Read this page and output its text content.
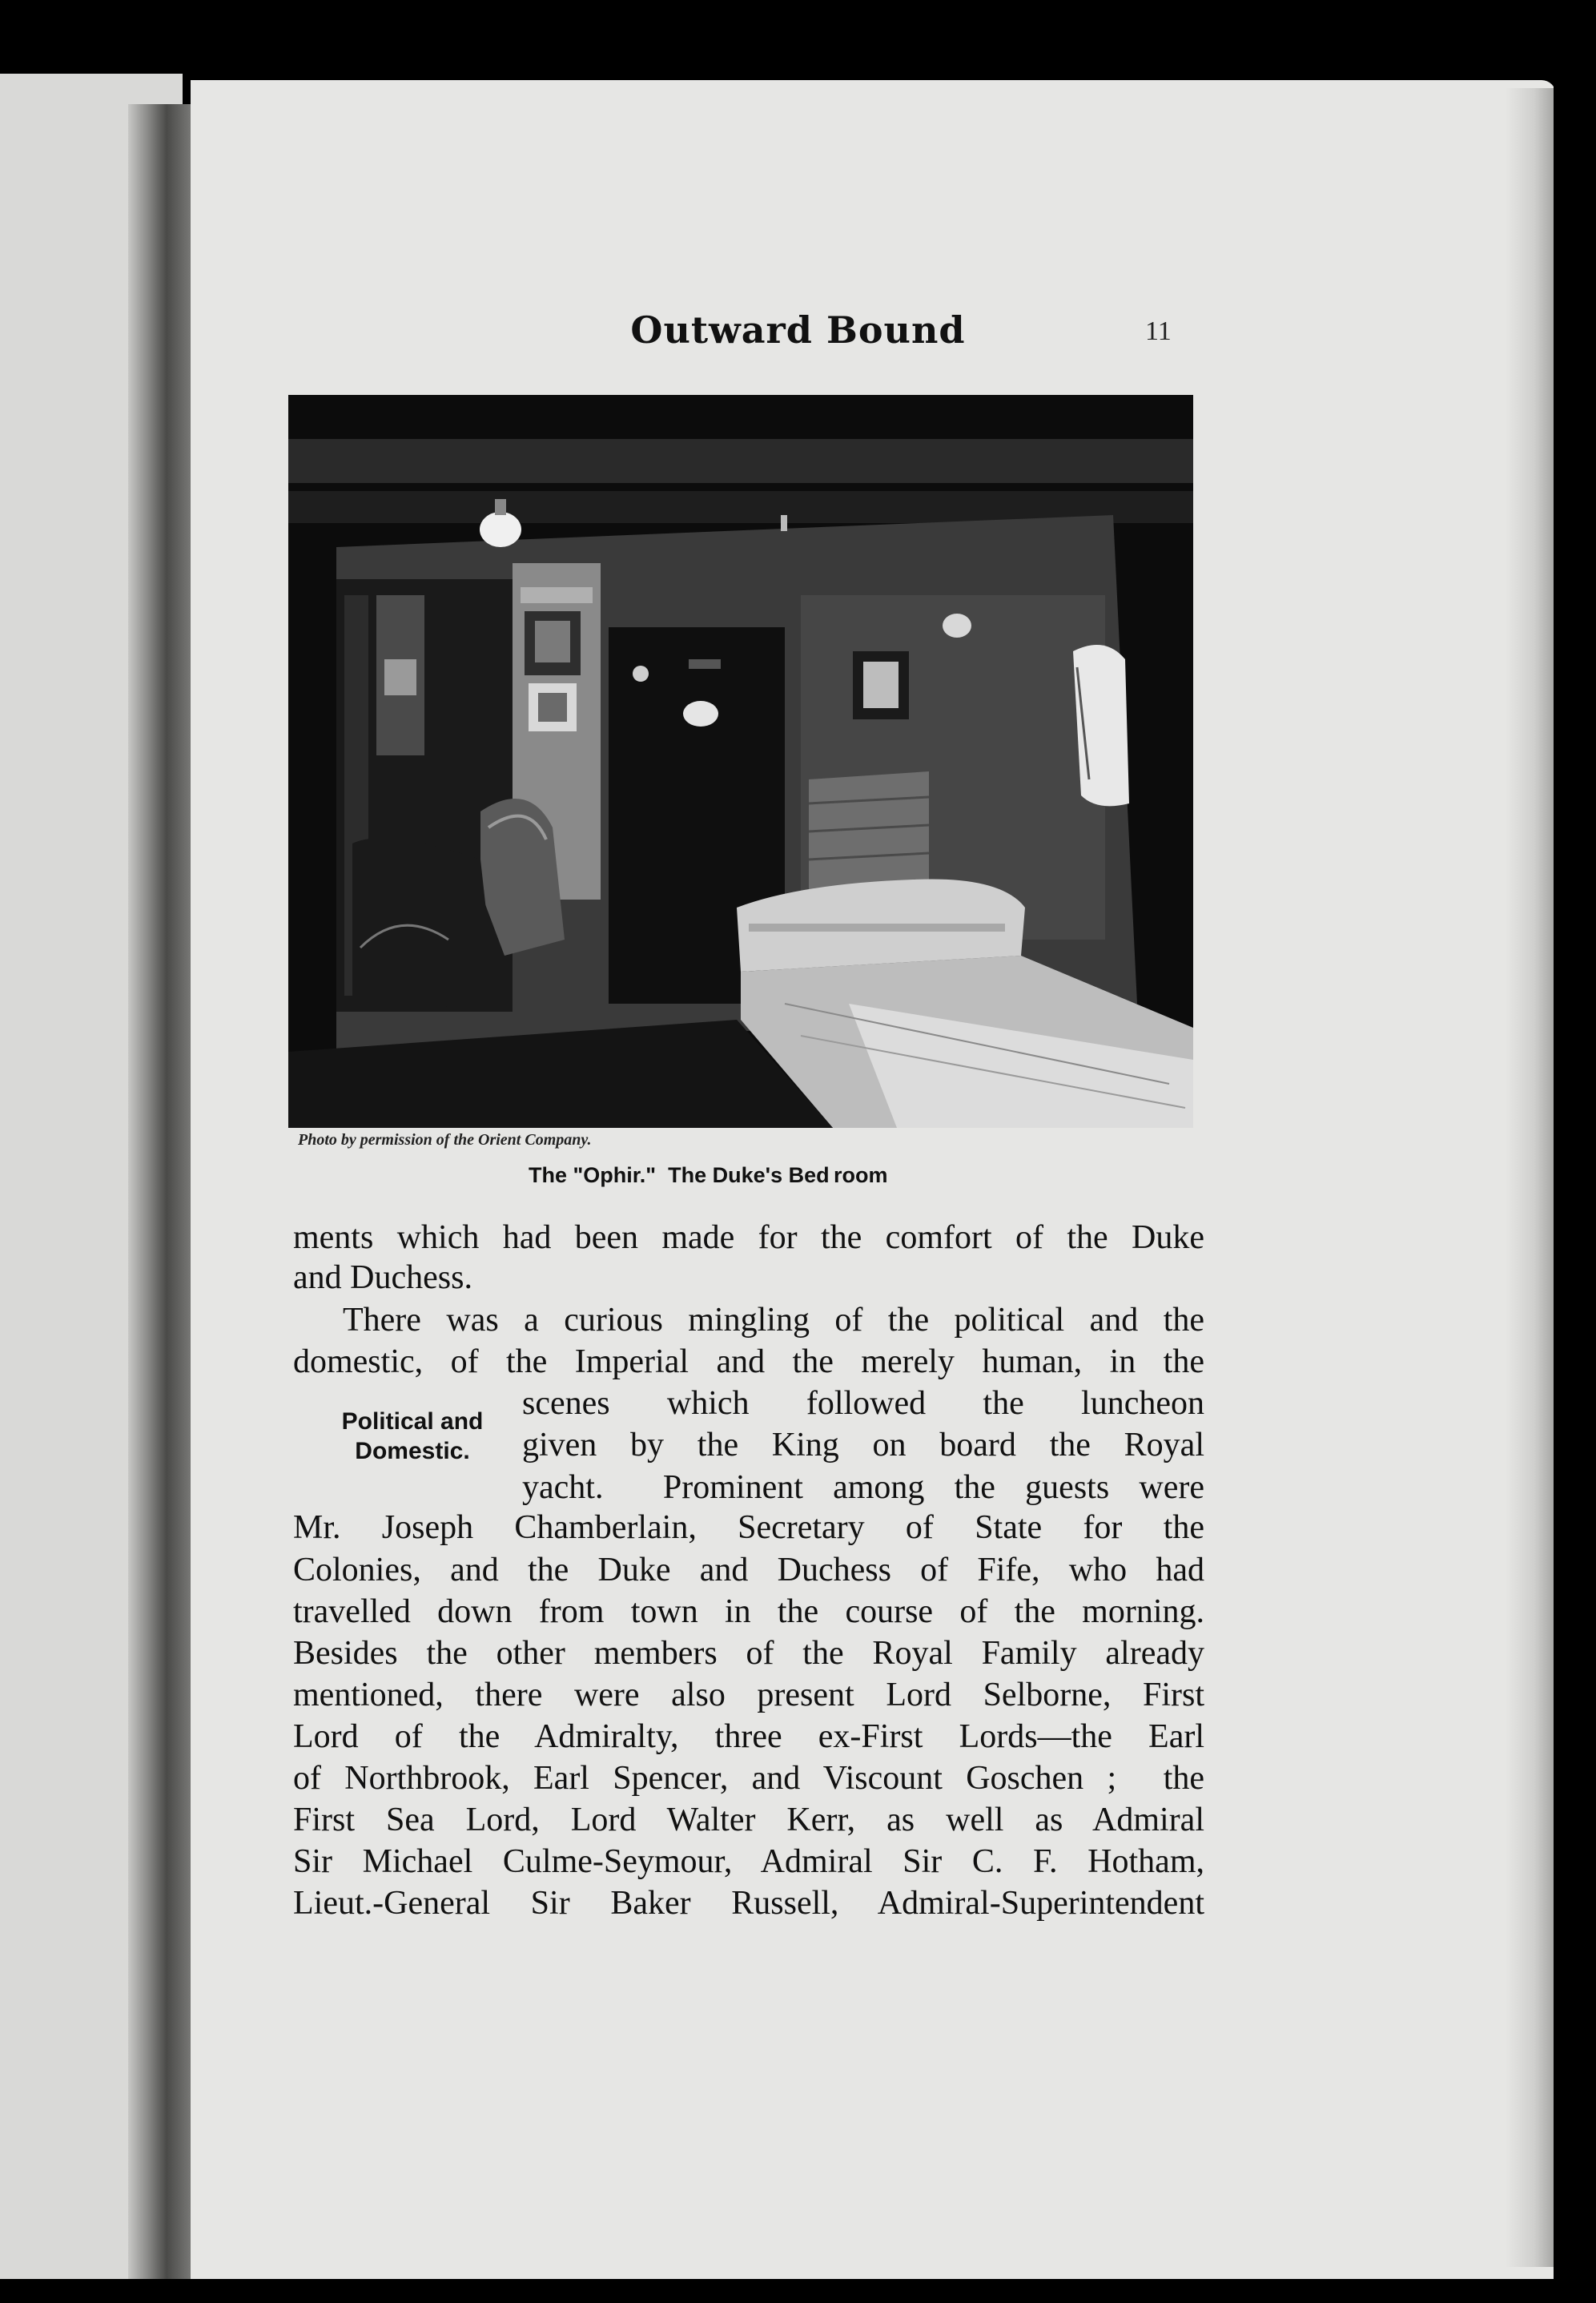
Outward Bound	11
Photo by permission of the Orient Company.
The "Ophir."  The Duke's Bed room
ments which had been made for the comfort of the Duke
and Duchess.
There was a curious mingling of the political and the
domestic, of the Imperial and the merely human, in the
scenes which followed the luncheon
given by the King on board the Royal
yacht.  Prominent among the guests were
Mr. Joseph Chamberlain, Secretary of State for the
Colonies, and the Duke and Duchess of Fife, who had
travelled down from town in the course of the morning.
Besides the other members of the Royal Family already
mentioned, there were also present Lord Selborne, First
Lord of the Admiralty, three ex-First Lords—the Earl
of Northbrook, Earl Spencer, and Viscount Goschen ;  the
First Sea Lord, Lord Walter Kerr, as well as Admiral
Sir Michael Culme-Seymour, Admiral Sir C. F. Hotham,
Lieut.-General Sir Baker Russell, Admiral-Superintendent
Political and
Domestic.
